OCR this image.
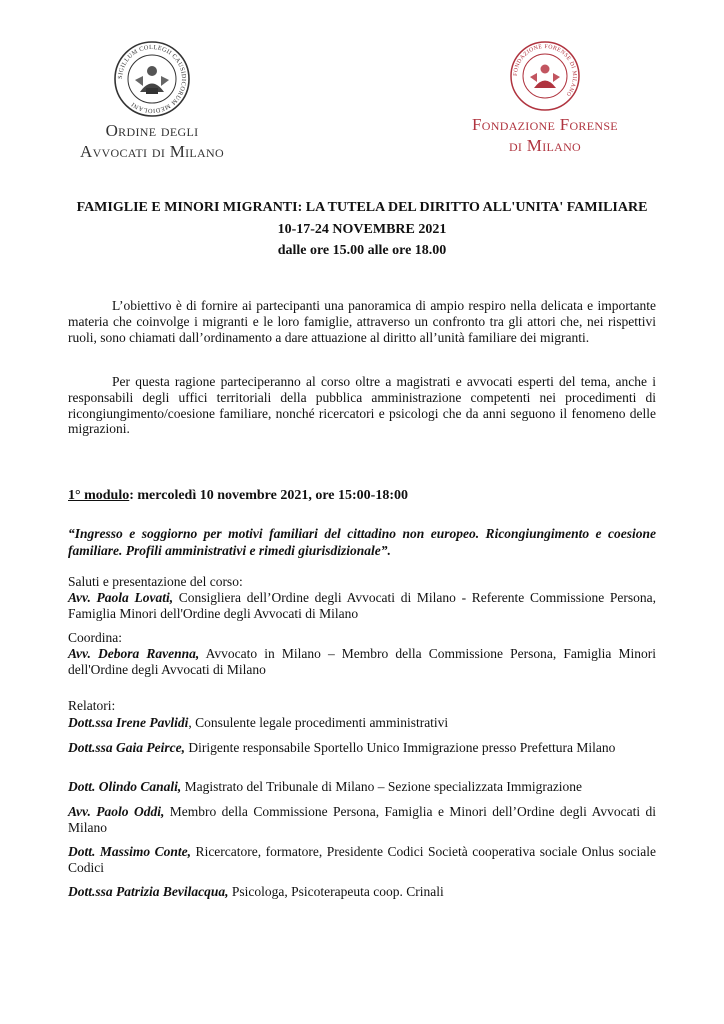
SIGILLUM COLLEGII CAUSIDICORUM MEDIOLANI
Ordine degli
Avvocati di Milano
FONDAZIONE FORENSE DI MILANO
Fondazione Forense
di Milano
FAMIGLIE E MINORI MIGRANTI: LA TUTELA DEL DIRITTO ALL'UNITA' FAMILIARE
10-17-24 NOVEMBRE 2021
dalle ore 15.00 alle ore 18.00

L’obiettivo è di fornire ai partecipanti una panoramica di ampio respiro nella delicata e importante materia che coinvolge i migranti e le loro famiglie, attraverso un confronto tra gli attori che, nei rispettivi ruoli, sono chiamati dall’ordinamento a dare attuazione al diritto all’unità familiare dei migranti.

Per questa ragione parteciperanno al corso oltre a magistrati e avvocati esperti del tema, anche i responsabili degli uffici territoriali della pubblica amministrazione competenti nei procedimenti di ricongiungimento/coesione familiare, nonché ricercatori e psicologi che da anni seguono il fenomeno delle migrazioni.

1° modulo: mercoledì 10 novembre 2021, ore 15:00-18:00

“Ingresso e soggiorno per motivi familiari del cittadino non europeo. Ricongiungimento e coesione familiare. Profili amministrativi e rimedi giurisdizionale”.

Saluti e presentazione del corso:
Avv. Paola Lovati, Consigliera dell’Ordine degli Avvocati di Milano - Referente Commissione Persona, Famiglia Minori dell'Ordine degli Avvocati di Milano
Coordina:
Avv. Debora Ravenna, Avvocato in Milano – Membro della Commissione Persona, Famiglia Minori dell'Ordine degli Avvocati di Milano
Relatori:
Dott.ssa Irene Pavlidi, Consulente legale procedimenti amministrativi
Dott.ssa Gaia Peirce, Dirigente responsabile Sportello Unico Immigrazione presso Prefettura Milano
Dott. Olindo Canali, Magistrato del Tribunale di Milano – Sezione specializzata Immigrazione
Avv. Paolo Oddi, Membro della Commissione Persona, Famiglia e Minori dell’Ordine degli Avvocati di Milano
Dott. Massimo Conte, Ricercatore, formatore, Presidente Codici Società cooperativa sociale Onlus sociale Codici
Dott.ssa Patrizia Bevilacqua, Psicologa, Psicoterapeuta coop. Crinali
